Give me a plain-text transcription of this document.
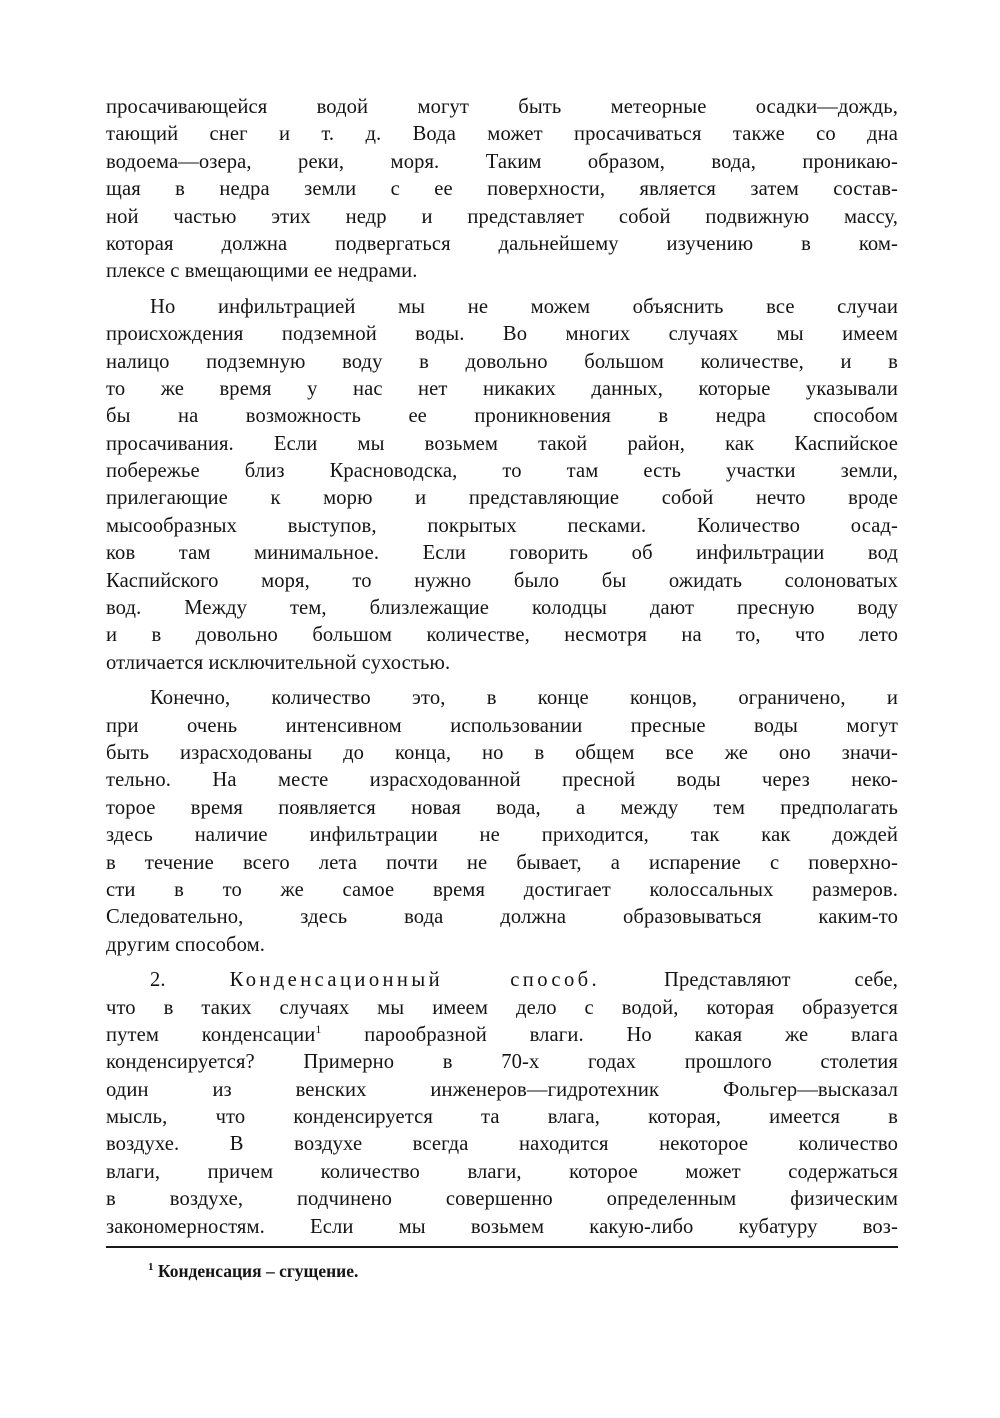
просачивающейся водой могут быть метеорные осадки—дождь,
тающий снег и т. д. Вода может просачиваться также со дна
водоема—озера, реки, моря. Таким образом, вода, проникаю-
щая в недра земли с ее поверхности, является затем состав-
ной частью этих недр и представляет собой подвижную массу,
которая должна подвергаться дальнейшему изучению в ком-
плексе с вмещающими ее недрами.
Но инфильтрацией мы не можем объяснить все случаи
происхождения подземной воды. Во многих случаях мы имеем
налицо подземную воду в довольно большом количестве, и в
то же время у нас нет никаких данных, которые указывали
бы на возможность ее проникновения в недра способом
просачивания. Если мы возьмем такой район, как Каспийское
побережье близ Красноводска, то там есть участки земли,
прилегающие к морю и представляющие собой нечто вроде
мысообразных выступов, покрытых песками. Количество осад-
ков там минимальное. Если говорить об инфильтрации вод
Каспийского моря, то нужно было бы ожидать солоноватых
вод. Между тем, близлежащие колодцы дают пресную воду
и в довольно большом количестве, несмотря на то, что лето
отличается исключительной сухостью.
Конечно, количество это, в конце концов, ограничено, и
при очень интенсивном использовании пресные воды могут
быть израсходованы до конца, но в общем все же оно значи-
тельно. На месте израсходованной пресной воды через неко-
торое время появляется новая вода, а между тем предполагать
здесь наличие инфильтрации не приходится, так как дождей
в течение всего лета почти не бывает, а испарение с поверхно-
сти в то же самое время достигает колоссальных размеров.
Следовательно, здесь вода должна образовываться каким-то
другим способом.
2.	Конденсационный способ.	Представляют себе,
что в таких случаях мы имеем дело с водой, которая образуется
путем конденсации$^1$ парообразной влаги. Но какая же влага
конденсируется? Примерно в 70-х годах прошлого столетия
один из венских инженеров—гидротехник Фольгер—высказал
мысль, что конденсируется та влага, которая, имеется в
воздухе. В воздухе всегда находится некоторое количество
влаги, причем количество влаги, которое может содержаться
в воздухе, подчинено совершенно определенным физическим
закономерностям. Если мы возьмем какую-либо кубатуру воз-
$^1$ Конденсация – сгущение.
